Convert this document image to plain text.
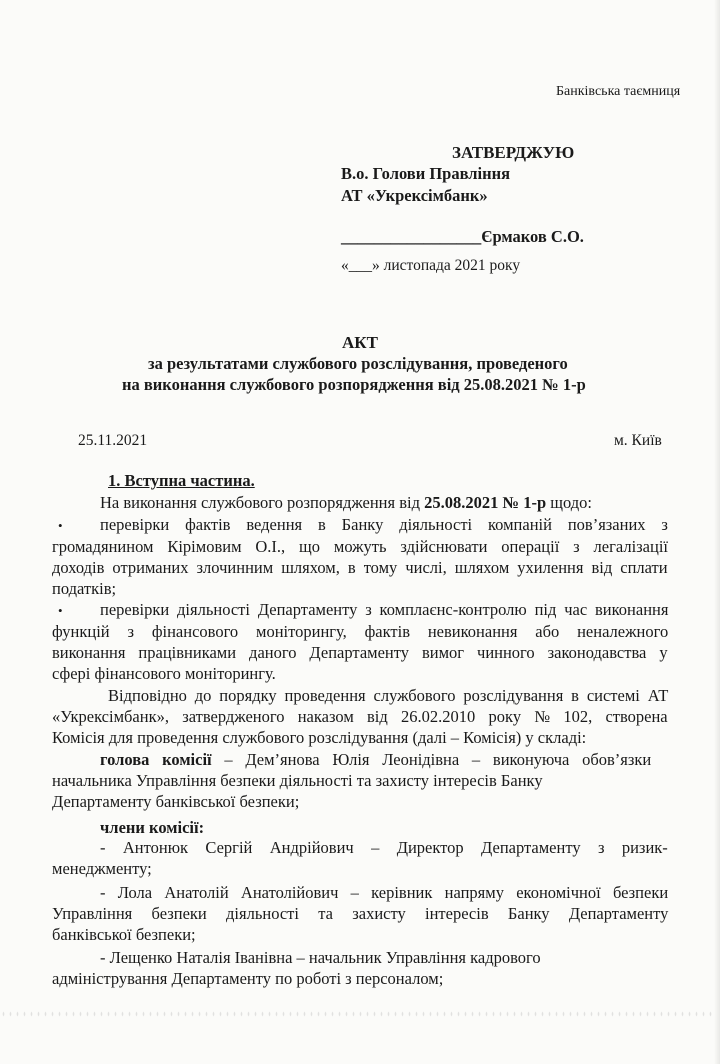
Банківська таємниця
ЗАТВЕРДЖУЮ
В.о. Голови Правління
АТ «Укрексімбанк»
_________________Єрмаков С.О.
«___» листопада 2021 року
АКТ
за результатами службового розслідування, проведеного
на виконання службового розпорядження від 25.08.2021 № 1-р
25.11.2021	м. Київ
1. Вступна частина.
На виконання службового розпорядження від 25.08.2021 № 1-р щодо:
• перевірки фактів ведення в Банку діяльності компаній пов’язаних з
громадянином Кірімовим О.І., що можуть здійснювати операції з легалізації
доходів отриманих злочинним шляхом, в тому числі, шляхом ухилення від сплати
податків;
• перевірки діяльності Департаменту з комплаєнс-контролю під час виконання
функцій з фінансового моніторингу, фактів невиконання або неналежного
виконання працівниками даного Департаменту вимог чинного законодавства у
сфері фінансового моніторингу.
Відповідно до порядку проведення службового розслідування в системі АТ
«Укрексімбанк», затвердженого наказом від 26.02.2010 року № 102, створена
Комісія для проведення службового розслідування (далі – Комісія) у складі:
голова комісії – Дем’янова Юлія Леонідівна – виконуюча обов’язки
начальника Управління безпеки діяльності та захисту інтересів Банку
Департаменту банківської безпеки;
члени комісії:
- Антонюк Сергій Андрійович – Директор Департаменту з ризик-
менеджменту;
- Лола Анатолій Анатолійович – керівник напряму економічної безпеки
Управління безпеки діяльності та захисту інтересів Банку Департаменту
банківської безпеки;
- Лещенко Наталія Іванівна – начальник Управління кадрового
адміністрування Департаменту по роботі з персоналом;
